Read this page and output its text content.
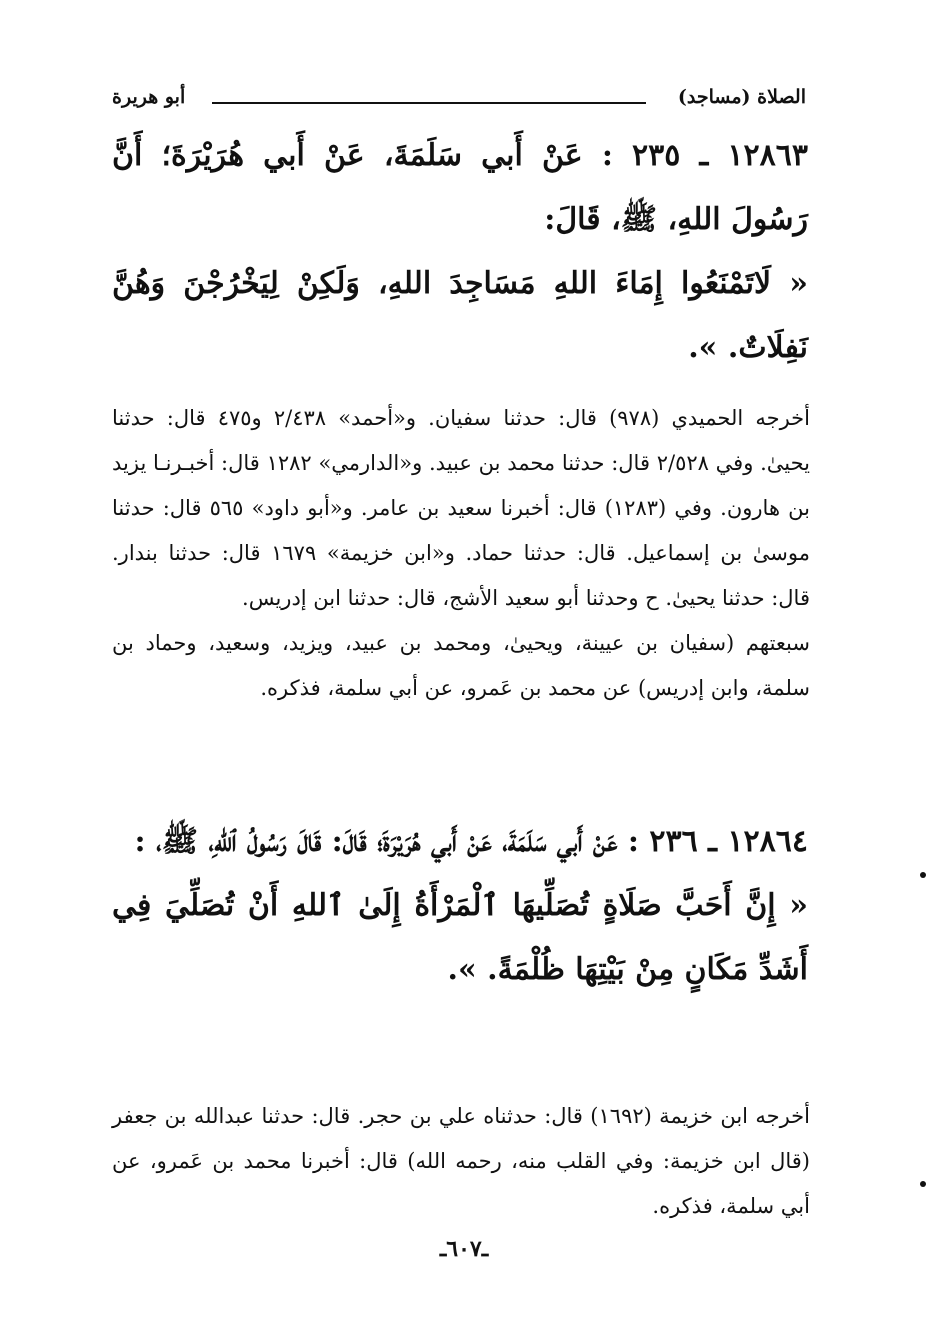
الصلاة (مساجد)
أبو هريرة

١٢٨٦٣ ـ ٢٣٥ : عَنْ أَبي سَلَمَةَ، عَنْ أَبي هُرَيْرَةَ؛ أَنَّ رَسُولَ اللهِ، ﷺ، قَالَ:

« لَاتَمْنَعُوا إِمَاءَ اللهِ مَسَاجِدَ اللهِ، وَلَكِنْ لِيَخْرُجْنَ وَهُنَّ نَفِلَاتٌ. ».

أخرجه الحميدي (٩٧٨) قال: حدثنا سفيان. و«أحمد» ٢/٤٣٨ و٤٧٥ قال: حدثنا يحيىٰ. وفي ٢/٥٢٨ قال: حدثنا محمد بن عبيد. و«الدارمي» ١٢٨٢ قال: أخبـرنـا يزيد بن هارون. وفي (١٢٨٣) قال: أخبرنا سعيد بن عامر. و«أبو داود» ٥٦٥ قال: حدثنا موسىٰ بن إسماعيل. قال: حدثنا حماد. و«ابن خزيمة» ١٦٧٩ قال: حدثنا بندار. قال: حدثنا يحيىٰ. ح وحدثنا أبو سعيد الأشج، قال: حدثنا ابن إدريس.

سبعتهم (سفيان بن عيينة، ويحيىٰ، ومحمد بن عبيد، ويزيد، وسعيد، وحماد بن سلمة، وابن إدريس) عن محمد بن عَمرو، عن أبي سلمة، فذكره.

١٢٨٦٤ ـ ٢٣٦ : عَنْ أَبي سَلَمَةَ، عَنْ أَبي هُرَيْرَةَ؛ قَالَ: قَالَ رَسُولُ ٱللهِ، ﷺ، :

« إِنَّ أَحَبَّ صَلَاةٍ تُصَلِّيهَا ٱلْمَرْأَةُ إِلَىٰ ٱللهِ أَنْ تُصَلِّيَ فِي أَشَدِّ مَكَانٍ مِنْ بَيْتِهَا ظُلْمَةً. ».

أخرجه ابن خزيمة (١٦٩٢) قال: حدثناه علي بن حجر. قال: حدثنا عبدالله بن جعفر (قال ابن خزيمة: وفي القلب منه، رحمه الله) قال: أخبرنا محمد بن عَمرو، عن أبي سلمة، فذكره.

ـ٦٠٧ـ
